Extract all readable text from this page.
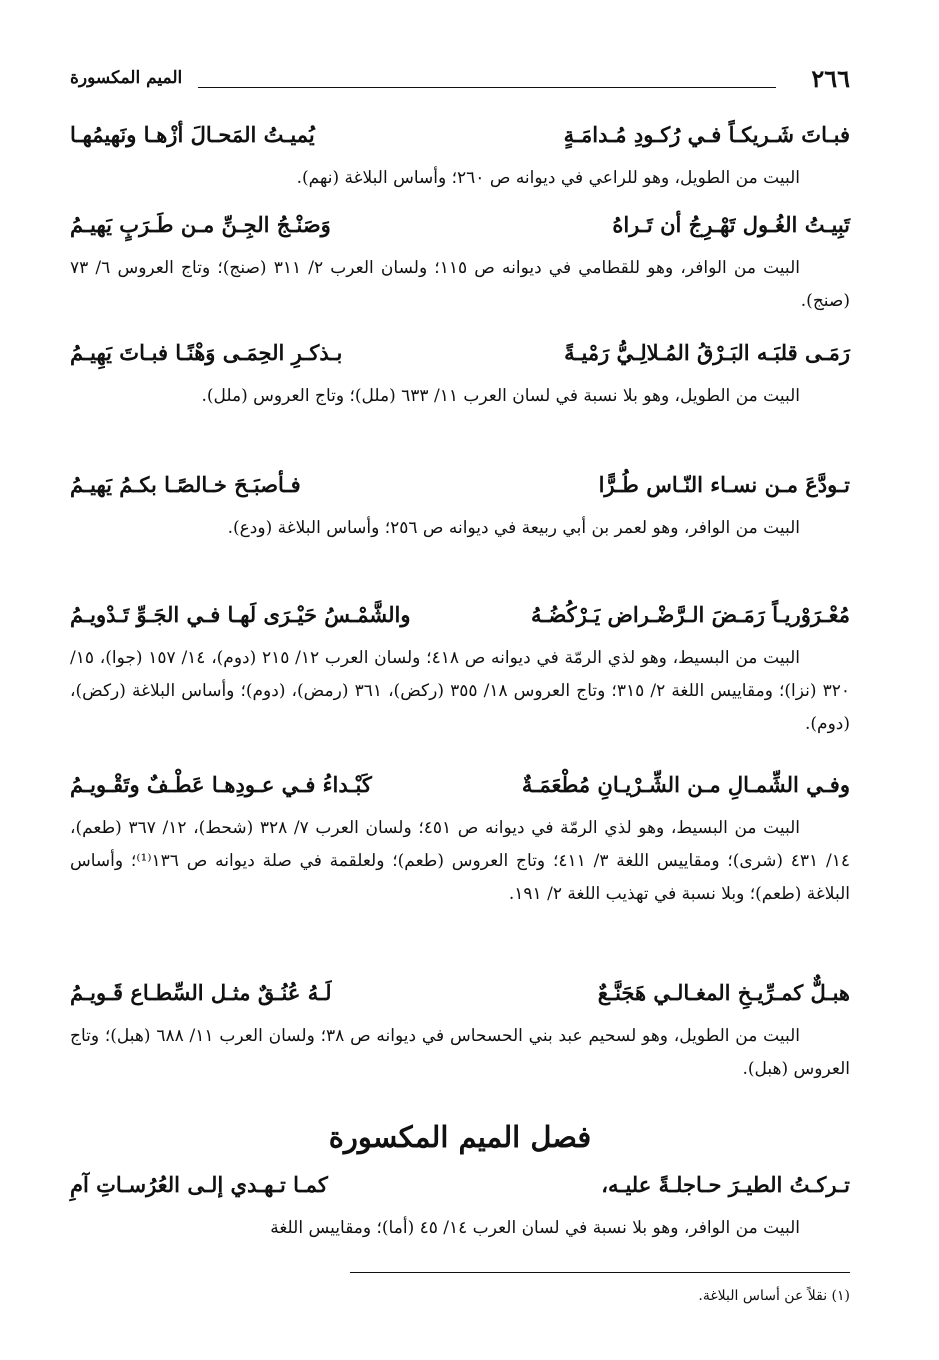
٢٦٦
الميم المكسورة
فبـاتَ شَـريكـاً فـي رُكـودِ مُـدامَـةٍ
يُميـتُ المَحـالَ أزْهـا ونَهيمُهـا

البيت من الطويل، وهو للراعي في ديوانه ص ٢٦٠؛ وأساس البلاغة (نهم).

تَبِيـتُ الغُـول تَهْـرِجُ أن تَـراهُ
وَصَنْـجُ الجِـنِّ مـن طَـرَبٍ يَهيـمُ

البيت من الوافر، وهو للقطامي في ديوانه ص ١١٥؛ ولسان العرب ٢/ ٣١١ (صنج)؛ وتاج العروس ٦/ ٧٣ (صنج).

رَمَـى قلبَـه البَـرْقُ المُـلالِـيُّ رَمْيـةً
بـذكـرِ الحِمَـى وَهْنًـا فبـاتَ يَهِيـمُ

البيت من الطويل، وهو بلا نسبة في لسان العرب ١١/ ٦٣٣ (ملل)؛ وتاج العروس (ملل).

تـودَّعَ مـن نسـاء النّـاس طُـرًّا
فـأصبَـحَ خـالصًـا بكـمُ يَهيـمُ

البيت من الوافر، وهو لعمر بن أبي ربيعة في ديوانه ص ٢٥٦؛ وأساس البلاغة (ودع).

مُعْـرَوْريـاً رَمَـضَ الـرَّضْـراض يَـرْكُضُـهُ
والشَّمْـسُ حَيْـرَى لَهـا فـي الجَـوِّ تَـدْويـمُ

البيت من البسيط، وهو لذي الرمّة في ديوانه ص ٤١٨؛ ولسان العرب ١٢/ ٢١٥ (دوم)، ١٤/ ١٥٧ (جوا)، ١٥/ ٣٢٠ (نزا)؛ ومقاييس اللغة ٢/ ٣١٥؛ وتاج العروس ١٨/ ٣٥٥ (ركض)، ٣٦١ (رمض)، (دوم)؛ وأساس البلاغة (ركض)، (دوم).

وفـي الشِّمـالِ مـن الشِّـرْيـانِ مُطْعَمَـةٌ
كَبْـداءُ فـي عـودِهـا عَطْـفٌ وتَقْـويـمُ

البيت من البسيط، وهو لذي الرمّة في ديوانه ص ٤٥١؛ ولسان العرب ٧/ ٣٢٨ (شحط)، ١٢/ ٣٦٧ (طعم)، ١٤/ ٤٣١ (شرى)؛ ومقاييس اللغة ٣/ ٤١١؛ وتاج العروس (طعم)؛ ولعلقمة في صلة ديوانه ص ١٣٦⁽¹⁾؛ وأساس البلاغة (طعم)؛ وبلا نسبة في تهذيب اللغة ٢/ ١٩١.

هبـلٌّ كمـرِّيـخِ المغـالـي هَجَنَّـعٌ
لَـهُ عُنُـقٌ مثـل السِّطـاع قَـويـمُ

البيت من الطويل، وهو لسحيم عبد بني الحسحاس في ديوانه ص ٣٨؛ ولسان العرب ١١/ ٦٨٨ (هبل)؛ وتاج العروس (هبل).

فصل الميم المكسورة
تـركـتُ الطيـرَ حـاجلـةً عليـه،
كمـا تـهـدي إلـى العُرُسـاتِ آمِ

البيت من الوافر، وهو بلا نسبة في لسان العرب ١٤/ ٤٥ (أما)؛ ومقاييس اللغة

(١) نقلاً عن أساس البلاغة.
